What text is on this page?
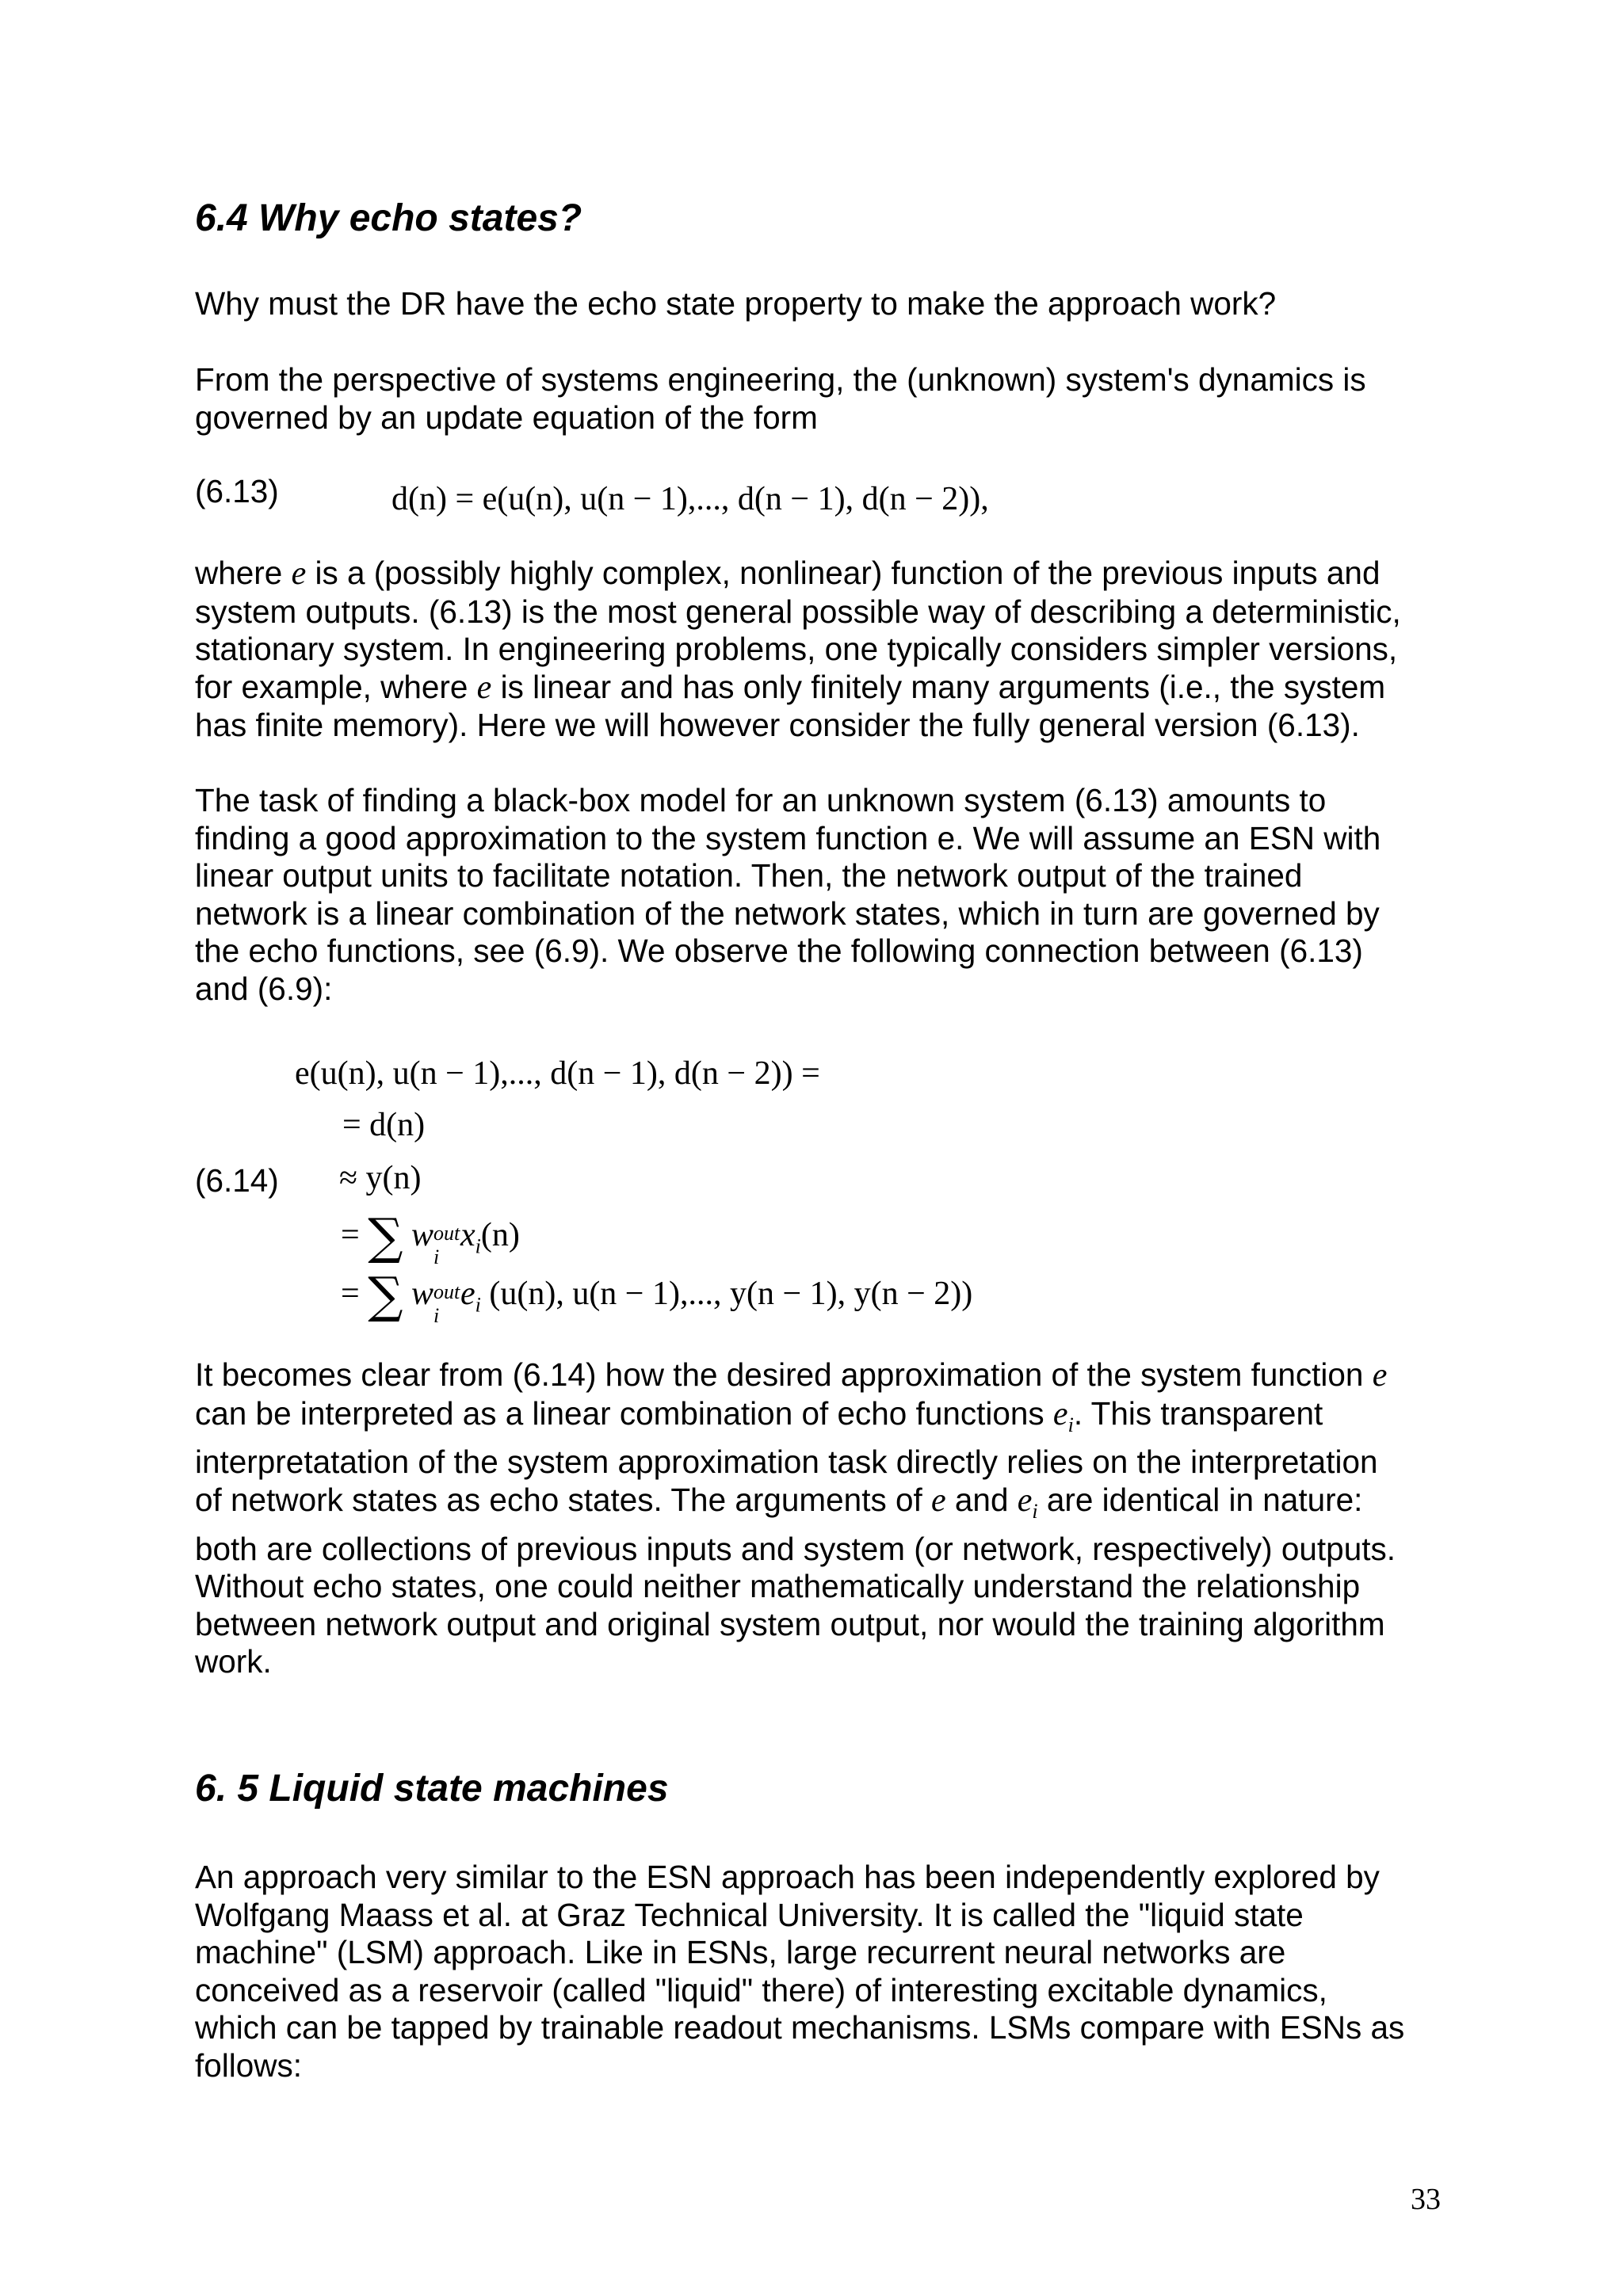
6.4 Why echo states?

Why must the DR have the echo state property to make the approach work?

From the perspective of systems engineering, the (unknown) system's dynamics is
governed by an update equation of the form

(6.13)	d(n) = e(u(n), u(n − 1),..., d(n − 1), d(n − 2)),

where e is a (possibly highly complex, nonlinear) function of the previous inputs and
system outputs. (6.13) is the most general possible way of describing a deterministic,
stationary system. In engineering problems, one typically considers simpler versions,
for example, where e is linear and has only finitely many arguments (i.e., the system
has finite memory). Here we will however consider the fully general version (6.13).

The task of finding a black-box model for an unknown system (6.13) amounts to
finding a good approximation to the system function e. We will assume an ESN with
linear output units to facilitate notation. Then, the network output of the trained
network is a linear combination of the network states, which in turn are governed by
the echo functions, see (6.9). We observe the following connection between (6.13)
and (6.9):

e(u(n), u(n − 1),..., d(n − 1), d(n − 2)) =
= d(n)
(6.14) ≈ y(n)
= ∑ w out
i
$x_i(n)$
= ∑ w out
i
$e_i$ (u(n), u(n − 1),..., y(n − 1), y(n − 2))

It becomes clear from (6.14) how the desired approximation of the system function e
can be interpreted as a linear combination of echo functions $e_i$. This transparent
interpretatation of the system approximation task directly relies on the interpretation
of network states as echo states. The arguments of e and $e_i$ are identical in nature:
both are collections of previous inputs and system (or network, respectively) outputs.
Without echo states, one could neither mathematically understand the relationship
between network output and original system output, nor would the training algorithm
work.

6. 5 Liquid state machines

An approach very similar to the ESN approach has been independently explored by
Wolfgang Maass et al. at Graz Technical University. It is called the "liquid state
machine" (LSM) approach. Like in ESNs, large recurrent neural networks are
conceived as a reservoir (called "liquid" there) of interesting excitable dynamics,
which can be tapped by trainable readout mechanisms. LSMs compare with ESNs as
follows:

33
